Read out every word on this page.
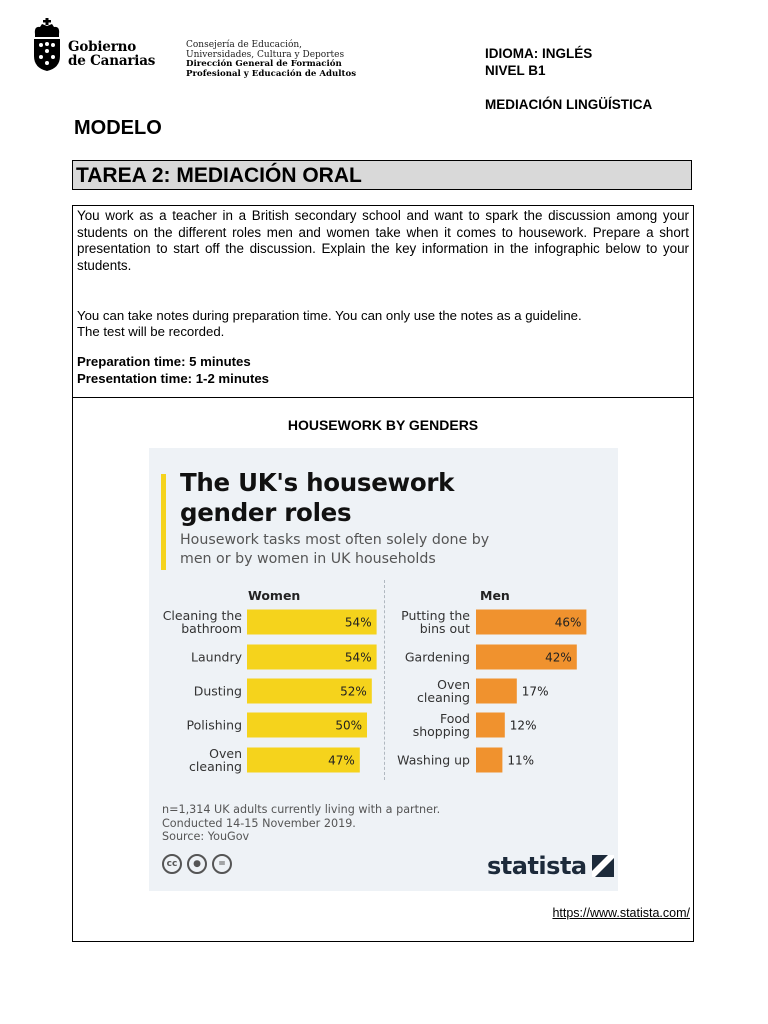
Gobierno
de Canarias
Consejería de Educación,
Universidades, Cultura y Deportes
Dirección General de Formación
Profesional y Educación de Adultos
IDIOMA: INGLÉS
NIVEL B1
MEDIACIÓN LINGÜÍSTICA
MODELO
TAREA 2: MEDIACIÓN ORAL

You work as a teacher in a British secondary school and want to spark the discussion among your students on the different roles men and women take when it comes to housework. Prepare a short presentation to start off the discussion. Explain the key information in the infographic below to your students.

You can take notes during preparation time. You can only use the notes as a guideline.
The test will be recorded.
Preparation time: 5 minutes
Presentation time: 1-2 minutes
HOUSEWORK BY GENDERS
https://www.statista.com/
The UK's housework gender roles
Housework tasks most often solely done by men or by women in UK households
Women	Men
Cleaning the
bathroom	54%
Laundry	54%
Dusting	52%
Polishing	50%
Oven
cleaning	47%
Putting the
bins out	46%
Gardening	42%
Oven
cleaning	17%
Food
shopping	12%
Washing up	11%
n=1,314 UK adults currently living with a partner.
Conducted 14-15 November 2019.
Source: YouGov
cc	●	=	statista
